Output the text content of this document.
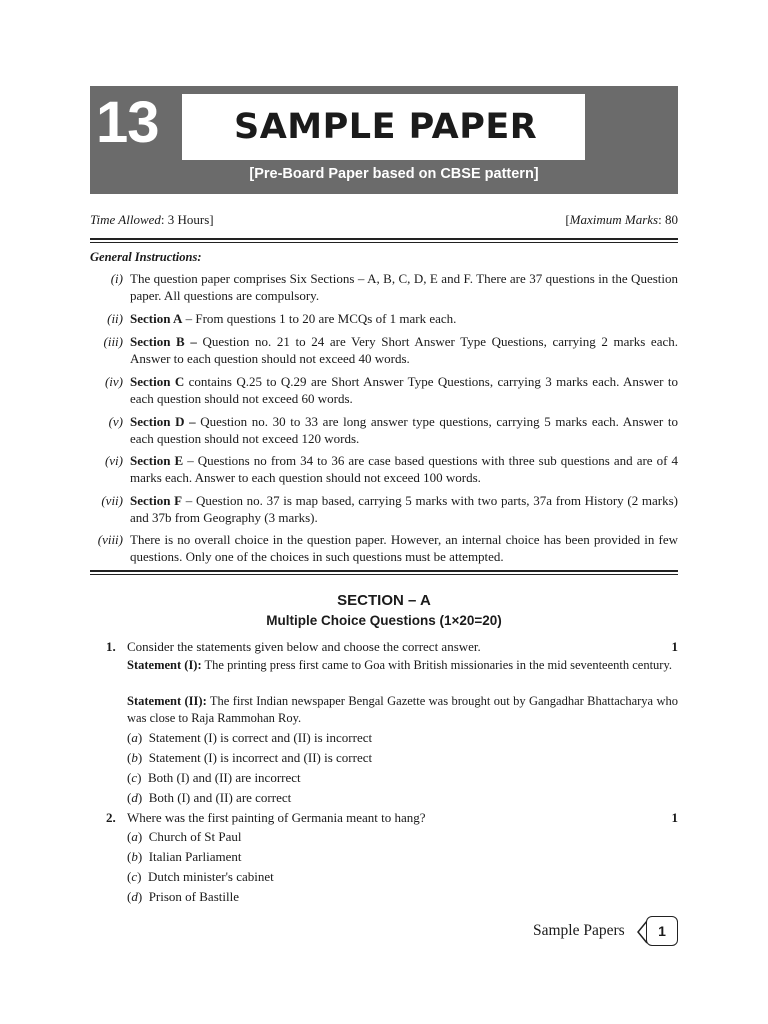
13	SAMPLE PAPER
[Pre-Board Paper based on CBSE pattern]
Time Allowed: 3 Hours]	[Maximum Marks: 80
General Instructions:
(i) The question paper comprises Six Sections – A, B, C, D, E and F. There are 37 questions in the Question paper. All questions are compulsory.
(ii) Section A – From questions 1 to 20 are MCQs of 1 mark each.
(iii) Section B – Question no. 21 to 24 are Very Short Answer Type Questions, carrying 2 marks each. Answer to each question should not exceed 40 words.
(iv) Section C contains Q.25 to Q.29 are Short Answer Type Questions, carrying 3 marks each. Answer to each question should not exceed 60 words.
(v) Section D – Question no. 30 to 33 are long answer type questions, carrying 5 marks each. Answer to each question should not exceed 120 words.
(vi) Section E – Questions no from 34 to 36 are case based questions with three sub questions and are of 4 marks each. Answer to each question should not exceed 100 words.
(vii) Section F – Question no. 37 is map based, carrying 5 marks with two parts, 37a from History (2 marks) and 37b from Geography (3 marks).
(viii) There is no overall choice in the question paper. However, an internal choice has been provided in few questions. Only one of the choices in such questions must be attempted.
SECTION – A
Multiple Choice Questions (1×20=20)
1. Consider the statements given below and choose the correct answer.	1
Statement (I): The printing press first came to Goa with British missionaries in the mid seventeenth century.
Statement (II): The first Indian newspaper Bengal Gazette was brought out by Gangadhar Bhattacharya who was close to Raja Rammohan Roy.
(a)  Statement (I) is correct and (II) is incorrect
(b)  Statement (I) is incorrect and (II) is correct
(c)  Both (I) and (II) are incorrect
(d)  Both (I) and (II) are correct
2. Where was the first painting of Germania meant to hang?	1
(a)  Church of St Paul
(b)  Italian Parliament
(c)  Dutch minister's cabinet
(d)  Prison of Bastille
Sample Papers	1
